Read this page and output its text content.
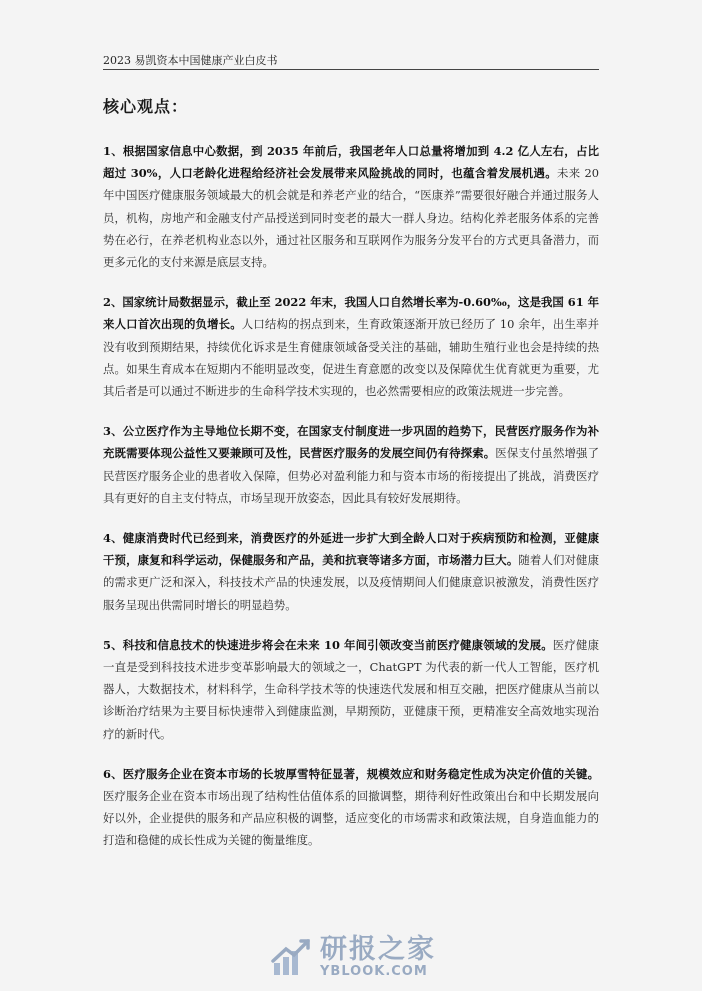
2023 易凯资本中国健康产业白皮书
核心观点：

1、根据国家信息中心数据，到 2035 年前后，我国老年人口总量将增加到 4.2 亿人左右，占比超过 30%，人口老龄化进程给经济社会发展带来风险挑战的同时，也蕴含着发展机遇。未来 20 年中国医疗健康服务领域最大的机会就是和养老产业的结合，“医康养”需要很好融合并通过服务人员，机构，房地产和金融支付产品授送到同时变老的最大一群人身边。结构化养老服务体系的完善势在必行，在养老机构业态以外，通过社区服务和互联网作为服务分发平台的方式更具备潜力，而更多元化的支付来源是底层支持。

2、国家统计局数据显示，截止至 2022 年末，我国人口自然增长率为-0.60‰，这是我国 61 年来人口首次出现的负增长。人口结构的拐点到来，生育政策逐渐开放已经历了 10 余年，出生率并没有收到预期结果，持续优化诉求是生育健康领域备受关注的基础，辅助生殖行业也会是持续的热点。如果生育成本在短期内不能明显改变，促进生育意愿的改变以及保障优生优育就更为重要，尤其后者是可以通过不断进步的生命科学技术实现的，也必然需要相应的政策法规进一步完善。

3、公立医疗作为主导地位长期不变，在国家支付制度进一步巩固的趋势下，民营医疗服务作为补充既需要体现公益性又要兼顾可及性，民营医疗服务的发展空间仍有待探索。医保支付虽然增强了民营医疗服务企业的患者收入保障，但势必对盈利能力和与资本市场的衔接提出了挑战，消费医疗具有更好的自主支付特点，市场呈现开放姿态，因此具有较好发展期待。

4、健康消费时代已经到来，消费医疗的外延进一步扩大到全龄人口对于疾病预防和检测，亚健康干预，康复和科学运动，保健服务和产品，美和抗衰等诸多方面，市场潜力巨大。随着人们对健康的需求更广泛和深入，科技技术产品的快速发展，以及疫情期间人们健康意识被激发，消费性医疗服务呈现出供需同时增长的明显趋势。

5、科技和信息技术的快速进步将会在未来 10 年间引领改变当前医疗健康领域的发展。医疗健康一直是受到科技技术进步变革影响最大的领域之一，ChatGPT 为代表的新一代人工智能，医疗机器人，大数据技术，材料科学，生命科学技术等的快速迭代发展和相互交融，把医疗健康从当前以诊断治疗结果为主要目标快速带入到健康监测，早期预防，亚健康干预，更精准安全高效地实现治疗的新时代。

6、医疗服务企业在资本市场的长坡厚雪特征显著，规模效应和财务稳定性成为决定价值的关键。医疗服务企业在资本市场出现了结构性估值体系的回撤调整，期待利好性政策出台和中长期发展向好以外，企业提供的服务和产品应积极的调整，适应变化的市场需求和政策法规，自身造血能力的打造和稳健的成长性成为关键的衡量维度。

研报之家
YBLOOK.COM
